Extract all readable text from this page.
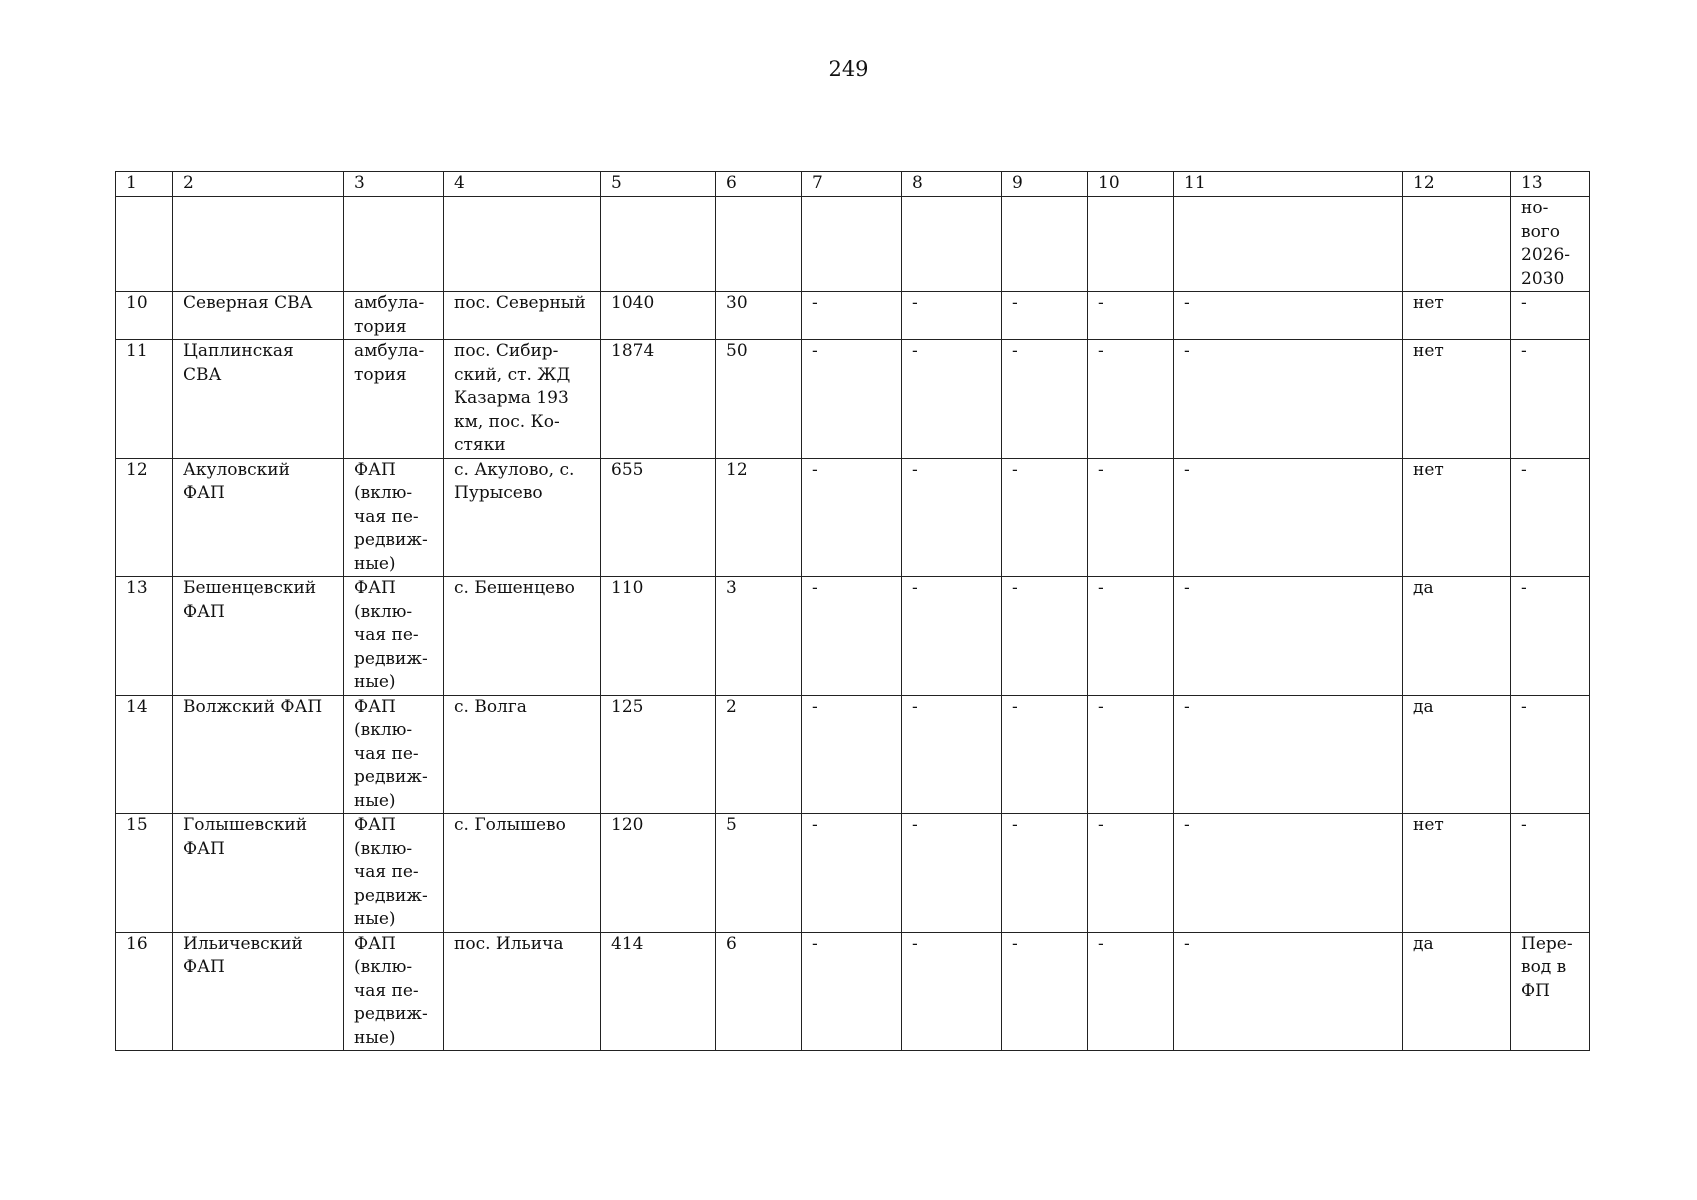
249
1	2	3	4	5	6	7	8	9	10	11	12	13
												но-
вого
2026-
2030
10	Северная СВА	амбула-
тория	пос. Северный	1040	30	-	-	-	-	-	нет	-
11	Цаплинская
СВА	амбула-
тория	пос. Сибир-
ский, ст. ЖД
Казарма 193
км, пос. Ко-
стяки	1874	50	-	-	-	-	-	нет	-
12	Акуловский
ФАП	ФАП
(вклю-
чая пе-
редвиж-
ные)	с. Акулово, с.
Пурысево	655	12	-	-	-	-	-	нет	-
13	Бешенцевский
ФАП	ФАП
(вклю-
чая пе-
редвиж-
ные)	с. Бешенцево	110	3	-	-	-	-	-	да	-
14	Волжский ФАП	ФАП
(вклю-
чая пе-
редвиж-
ные)	с. Волга	125	2	-	-	-	-	-	да	-
15	Голышевский
ФАП	ФАП
(вклю-
чая пе-
редвиж-
ные)	с. Голышево	120	5	-	-	-	-	-	нет	-
16	Ильичевский
ФАП	ФАП
(вклю-
чая пе-
редвиж-
ные)	пос. Ильича	414	6	-	-	-	-	-	да	Пере-
вод в
ФП
